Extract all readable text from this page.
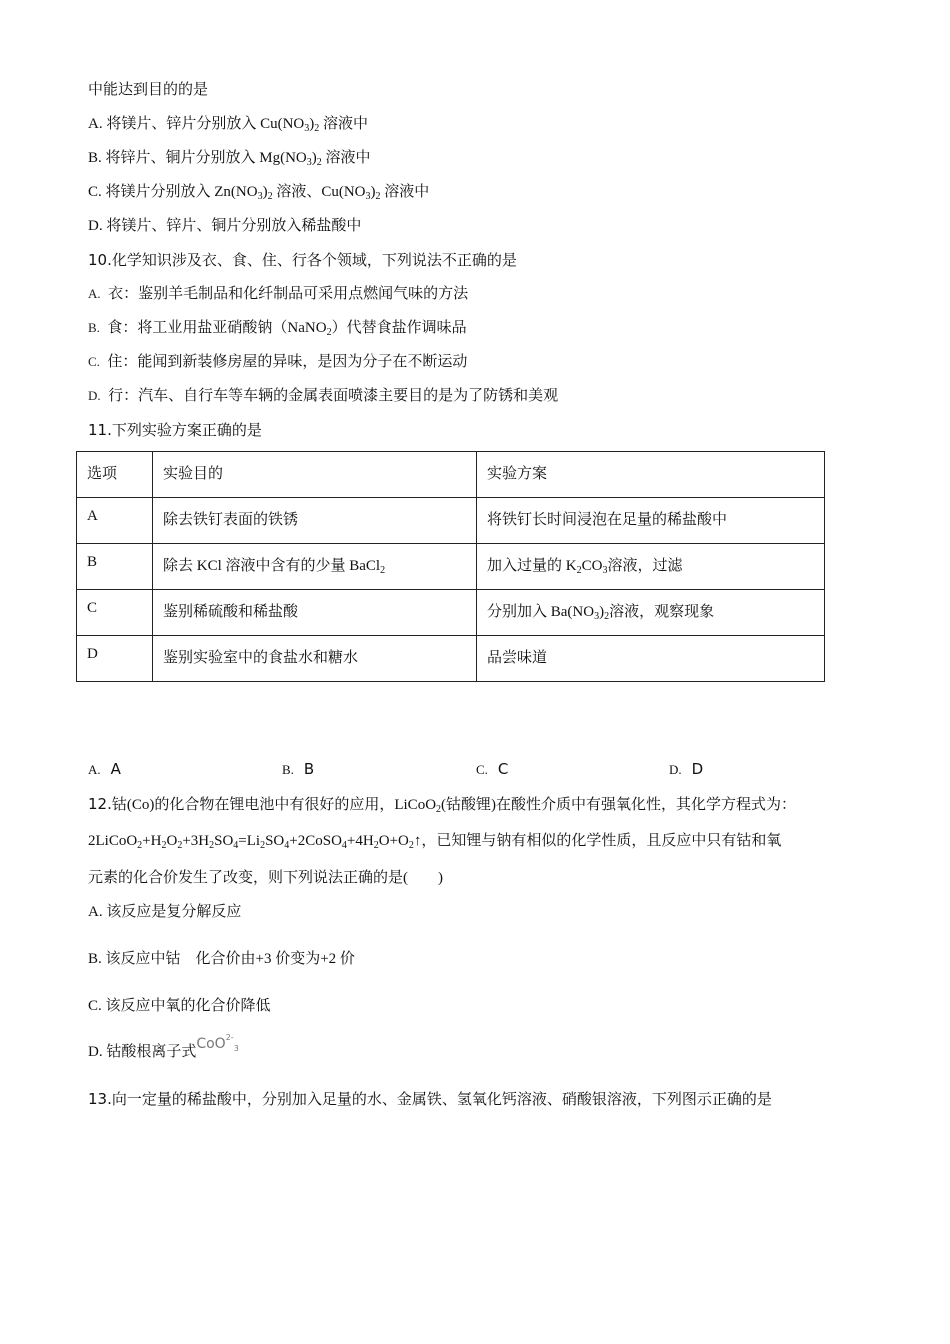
中能达到目的的是
A. 将镁片、锌片分别放入 $Cu(NO_3)_2$ 溶液中
B. 将锌片、铜片分别放入 $Mg(NO_3)_2$ 溶液中
C. 将镁片分别放入 $Zn(NO_3)_2$ 溶液、$Cu(NO_3)_2$ 溶液中
D. 将镁片、锌片、铜片分别放入稀盐酸中
10.化学知识涉及衣、食、住、行各个领域，下列说法不正确的是
A. 衣：鉴别羊毛制品和化纤制品可采用点燃闻气味的方法
B. 食：将工业用盐亚硝酸钠（NaNO$_2$）代替食盐作调味品
C. 住：能闻到新装修房屋的异味，是因为分子在不断运动
D. 行：汽车、自行车等车辆的金属表面喷漆主要目的是为了防锈和美观
11.下列实验方案正确的是
选项	实验目的	实验方案
A	除去铁钉表面的铁锈	将铁钉长时间浸泡在足量的稀盐酸中
B	除去 KCl 溶液中含有的少量 BaCl$_2$	加入过量的 $K_2CO_3$溶液，过滤
C	鉴别稀硫酸和稀盐酸	分别加入 $Ba(NO_3)_2$溶液，观察现象
D	鉴别实验室中的食盐水和糖水	品尝味道
A. A	B. B	C. C	D. D
12.钴(Co)的化合物在锂电池中有很好的应用，LiCoO$_2$(钴酸锂)在酸性介质中有强氧化性，其化学方程式为：
$2LiCoO_2+H_2O_2+3H_2SO_4=Li_2SO_4+2CoSO_4+4H_2O+O_2↑$，已知锂与钠有相似的化学性质，且反应中只有钴和氧
元素的化合价发生了改变，则下列说法正确的是(　　)
A. 该反应是复分解反应
B. 该反应中钴　化合价由+3 价变为+2 价
C. 该反应中氧的化合价降低
D. 钴酸根离子式CoO$^{2-}_3$
13.向一定量的稀盐酸中，分别加入足量的水、金属铁、氢氧化钙溶液、硝酸银溶液，下列图示正确的是
